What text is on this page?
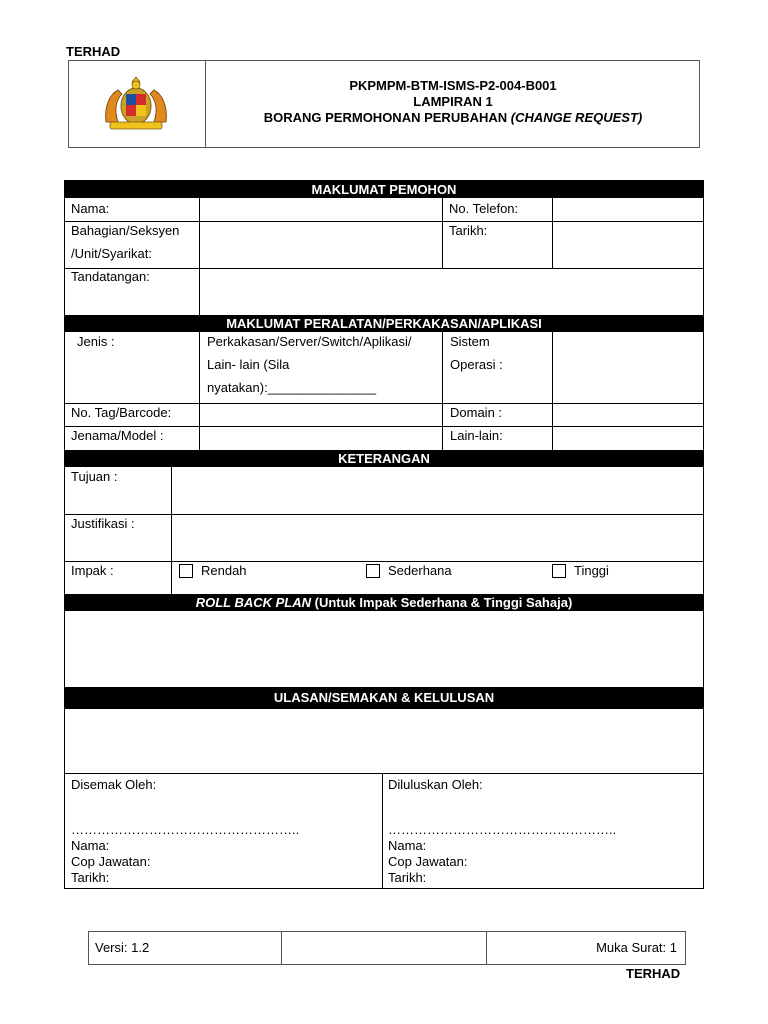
TERHAD
PKPMPM-BTM-ISMS-P2-004-B001
LAMPIRAN 1
BORANG PERMOHONAN PERUBAHAN (CHANGE REQUEST)
MAKLUMAT PEMOHON
Nama:	No. Telefon:
Bahagian/Seksyen
/Unit/Syarikat:
Tarikh:
Tandatangan:
MAKLUMAT PERALATAN/PERKAKASAN/APLIKASI
Jenis :	Perkakasan/Server/Switch/Aplikasi/
Lain- lain (Sila
nyatakan):_______________
Sistem
Operasi :
No. Tag/Barcode:	Domain :
Jenama/Model :	Lain-lain:
KETERANGAN
Tujuan :
Justifikasi :
Impak :	Rendah	Sederhana	Tinggi
ROLL BACK PLAN (Untuk Impak Sederhana & Tinggi Sahaja)
ULASAN/SEMAKAN & KELULUSAN
Disemak Oleh:
……………………………………………..
Nama:
Cop Jawatan:
Tarikh:
Diluluskan Oleh:
……………………………………………..
Nama:
Cop Jawatan:
Tarikh:
Versi: 1.2	Muka Surat: 1
TERHAD
